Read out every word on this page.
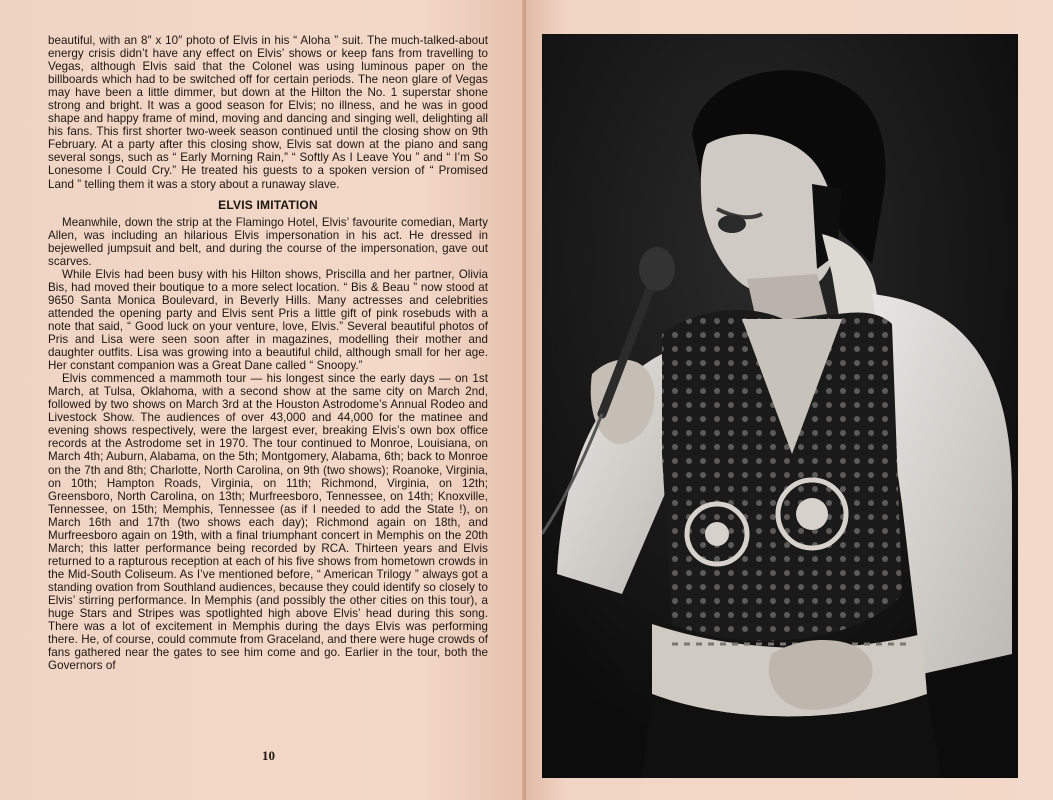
beautiful, with an 8″ x 10″ photo of Elvis in his “ Aloha ” suit. The much-talked-about energy crisis didn’t have any effect on Elvis’ shows or keep fans from travelling to Vegas, although Elvis said that the Colonel was using luminous paper on the billboards which had to be switched off for certain periods. The neon glare of Vegas may have been a little dimmer, but down at the Hilton the No. 1 superstar shone strong and bright. It was a good season for Elvis; no illness, and he was in good shape and happy frame of mind, moving and dancing and singing well, delighting all his fans. This first shorter two-week season continued until the closing show on 9th February. At a party after this closing show, Elvis sat down at the piano and sang several songs, such as “ Early Morning Rain,” “ Softly As I Leave You ” and “ I’m So Lonesome I Could Cry.” He treated his guests to a spoken version of “ Promised Land ” telling them it was a story about a runaway slave.

ELVIS IMITATION

Meanwhile, down the strip at the Flamingo Hotel, Elvis’ favourite comedian, Marty Allen, was including an hilarious Elvis impersonation in his act. He dressed in bejewelled jumpsuit and belt, and during the course of the impersonation, gave out scarves.

While Elvis had been busy with his Hilton shows, Priscilla and her partner, Olivia Bis, had moved their boutique to a more select location. “ Bis & Beau ” now stood at 9650 Santa Monica Boulevard, in Beverly Hills. Many actresses and celebrities attended the opening party and Elvis sent Pris a little gift of pink rosebuds with a note that said, “ Good luck on your venture, love, Elvis.” Several beautiful photos of Pris and Lisa were seen soon after in magazines, modelling their mother and daughter outfits. Lisa was growing into a beautiful child, although small for her age. Her constant companion was a Great Dane called “ Snoopy.”

Elvis commenced a mammoth tour — his longest since the early days — on 1st March, at Tulsa, Oklahoma, with a second show at the same city on March 2nd, followed by two shows on March 3rd at the Houston Astrodome’s Annual Rodeo and Livestock Show. The audiences of over 43,000 and 44,000 for the matinee and evening shows respectively, were the largest ever, breaking Elvis’s own box office records at the Astrodome set in 1970. The tour continued to Monroe, Louisiana, on March 4th; Auburn, Alabama, on the 5th; Montgomery, Alabama, 6th; back to Monroe on the 7th and 8th; Charlotte, North Carolina, on 9th (two shows); Roanoke, Virginia, on 10th; Hampton Roads, Virginia, on 11th; Richmond, Virginia, on 12th; Greensboro, North Carolina, on 13th; Murfreesboro, Tennessee, on 14th; Knoxville, Tennessee, on 15th; Memphis, Tennessee (as if I needed to add the State !), on March 16th and 17th (two shows each day); Richmond again on 18th, and Murfreesboro again on 19th, with a final triumphant concert in Memphis on the 20th March; this latter performance being recorded by RCA. Thirteen years and Elvis returned to a rapturous reception at each of his five shows from hometown crowds in the Mid-South Coliseum. As I’ve mentioned before, “ American Trilogy ” always got a standing ovation from Southland audiences, because they could identify so closely to Elvis’ stirring performance. In Memphis (and possibly the other cities on this tour), a huge Stars and Stripes was spotlighted high above Elvis’ head during this song. There was a lot of excitement in Memphis during the days Elvis was performing there. He, of course, could commute from Graceland, and there were huge crowds of fans gathered near the gates to see him come and go. Earlier in the tour, both the Governors of

10
